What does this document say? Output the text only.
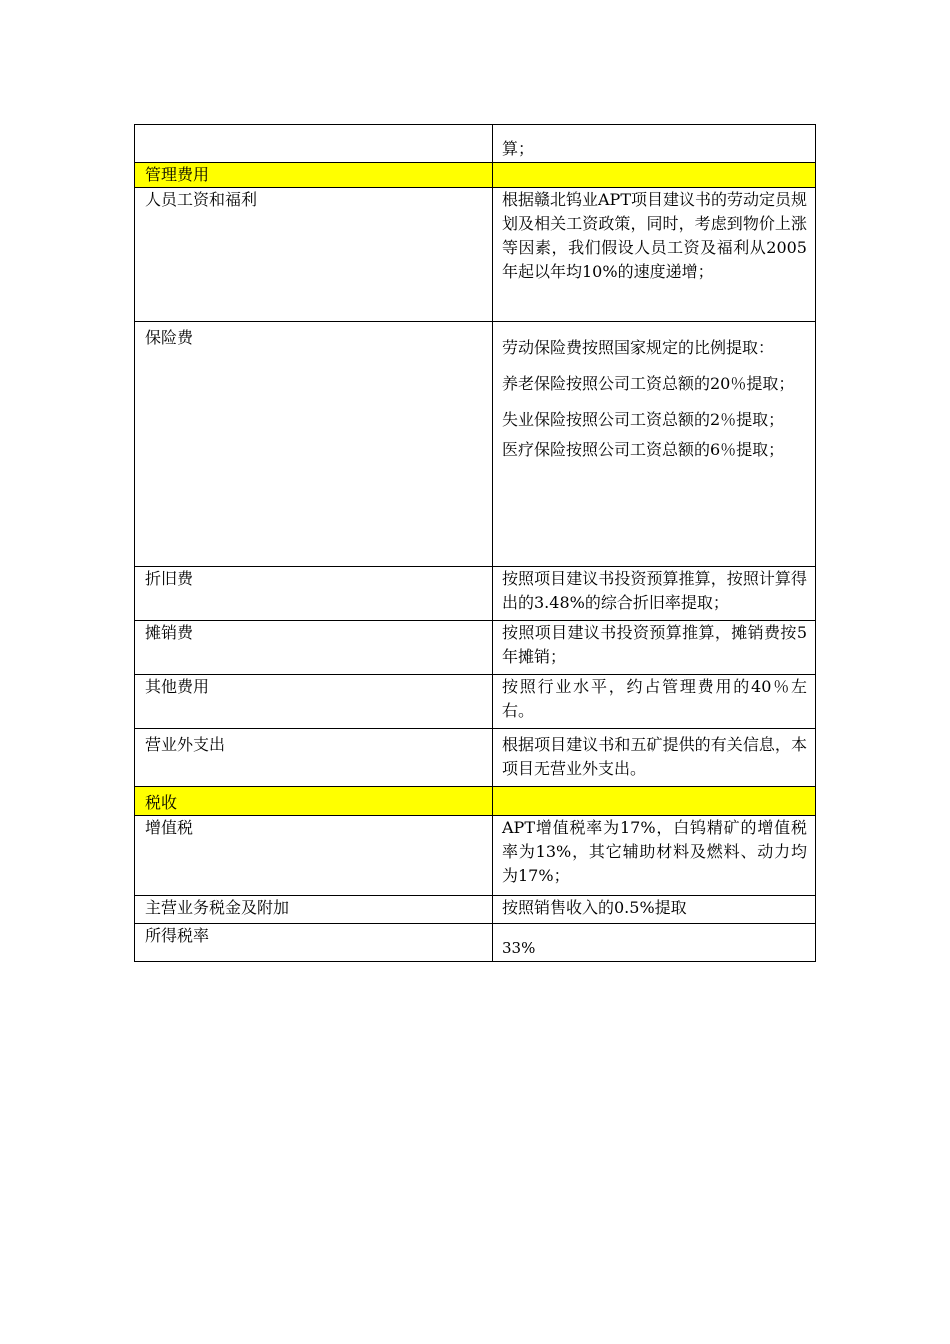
	算；

管理费用	
人员工资和福利	根据赣北钨业APT项目建议书的劳动定员规划及相关工资政策，同时，考虑到物价上涨等因素，我们假设人员工资及福利从2005年起以年均10%的速度递增；

保险费	劳动保险费按照国家规定的比例提取：

养老保险按照公司工资总额的20％提取；

失业保险按照公司工资总额的2％提取；

医疗保险按照公司工资总额的6％提取；

折旧费	按照项目建议书投资预算推算，按照计算得出的3.48%的综合折旧率提取；
摊销费	按照项目建议书投资预算推算，摊销费按5年摊销；
其他费用	按照行业水平，约占管理费用的40％左右。

营业外支出	根据项目建议书和五矿提供的有关信息，本项目无营业外支出。

税收	

增值税	APT增值税率为17%，白钨精矿的增值税率为13%，其它辅助材料及燃料、动力均为17%；
主营业务税金及附加	按照销售收入的0.5%提取
所得税率	33%
